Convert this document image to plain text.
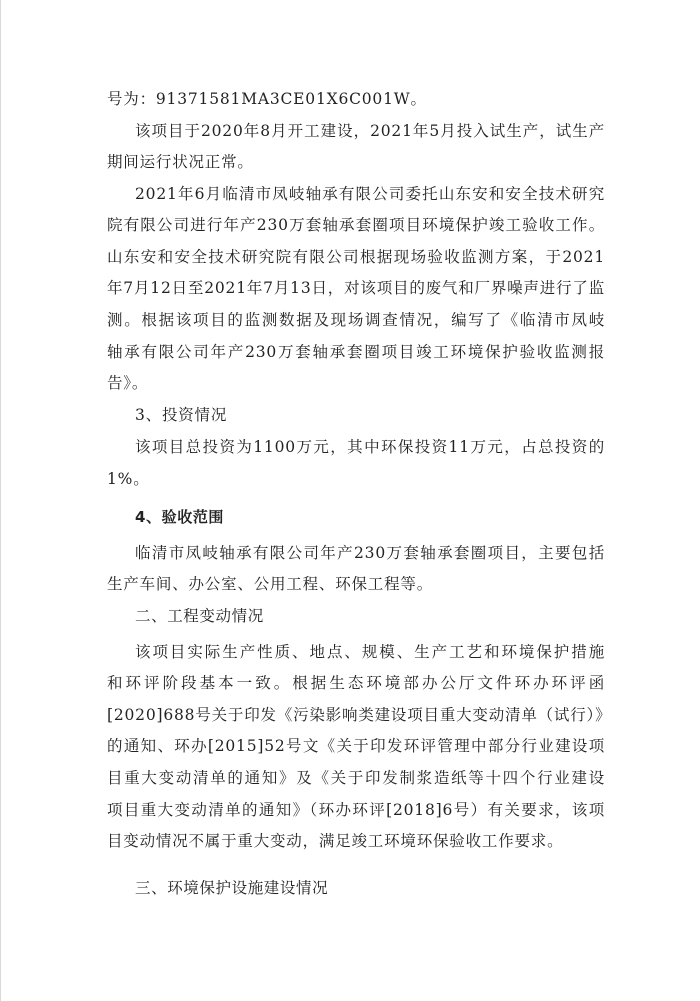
号为：91371581MA3CE01X6C001W。
该项目于2020年8月开工建设，2021年5月投入试生产，试生产
期间运行状况正常。
2021年6月临清市凤岐轴承有限公司委托山东安和安全技术研究
院有限公司进行年产230万套轴承套圈项目环境保护竣工验收工作。
山东安和安全技术研究院有限公司根据现场验收监测方案，于2021
年7月12日至2021年7月13日，对该项目的废气和厂界噪声进行了监
测。根据该项目的监测数据及现场调查情况，编写了《临清市凤岐
轴承有限公司年产230万套轴承套圈项目竣工环境保护验收监测报
告》。
3、投资情况
该项目总投资为1100万元，其中环保投资11万元，占总投资的
1%。
4、验收范围
临清市凤岐轴承有限公司年产230万套轴承套圈项目，主要包括
生产车间、办公室、公用工程、环保工程等。
二、工程变动情况
该项目实际生产性质、地点、规模、生产工艺和环境保护措施
和环评阶段基本一致。根据生态环境部办公厅文件环办环评函
[2020]688号关于印发《污染影响类建设项目重大变动清单（试行）》
的通知、环办[2015]52号文《关于印发环评管理中部分行业建设项
目重大变动清单的通知》及《关于印发制浆造纸等十四个行业建设
项目重大变动清单的通知》（环办环评[2018]6号）有关要求，该项
目变动情况不属于重大变动，满足竣工环境环保验收工作要求。
三、环境保护设施建设情况
